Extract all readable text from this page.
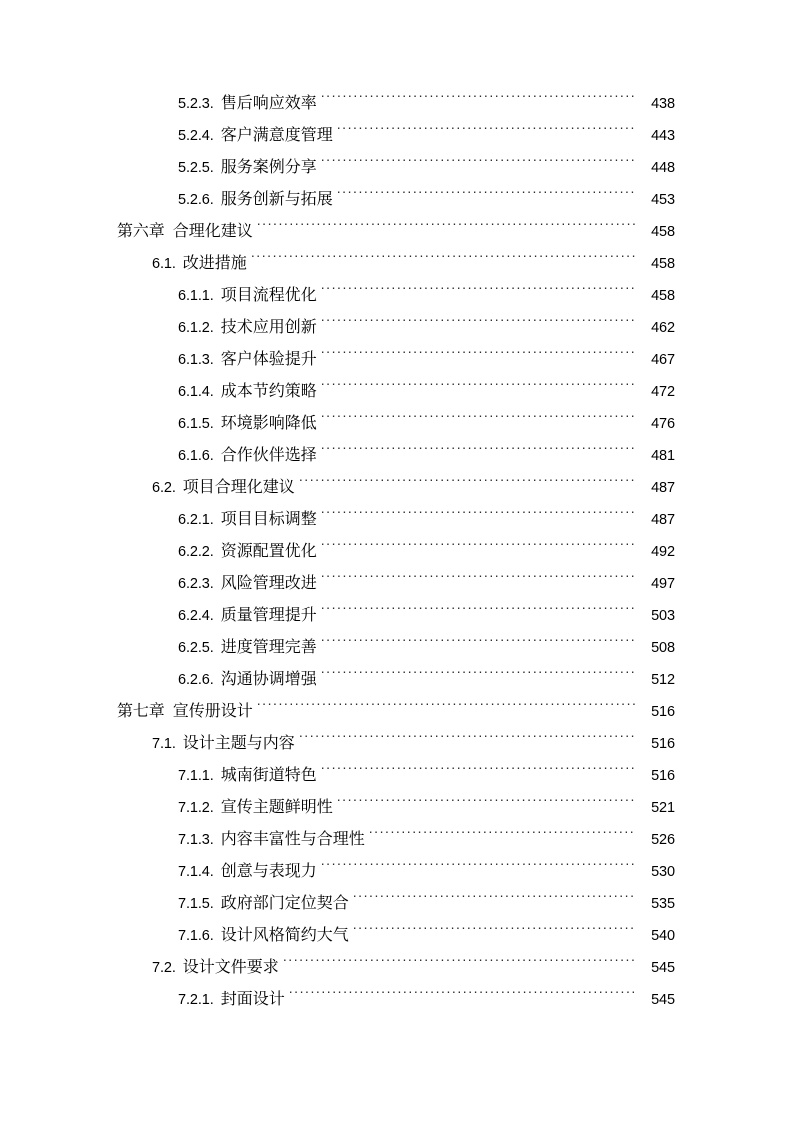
5.2.3. 售后响应效率 .....	438
5.2.4. 客户满意度管理 .....	443
5.2.5. 服务案例分享 .....	448
5.2.6. 服务创新与拓展 .....	453
第六章 合理化建议 .....	458
6.1. 改进措施 .....	458
6.1.1. 项目流程优化 .....	458
6.1.2. 技术应用创新 .....	462
6.1.3. 客户体验提升 .....	467
6.1.4. 成本节约策略 .....	472
6.1.5. 环境影响降低 .....	476
6.1.6. 合作伙伴选择 .....	481
6.2. 项目合理化建议 .....	487
6.2.1. 项目目标调整 .....	487
6.2.2. 资源配置优化 .....	492
6.2.3. 风险管理改进 .....	497
6.2.4. 质量管理提升 .....	503
6.2.5. 进度管理完善 .....	508
6.2.6. 沟通协调增强 .....	512
第七章 宣传册设计 .....	516
7.1. 设计主题与内容 .....	516
7.1.1. 城南街道特色 .....	516
7.1.2. 宣传主题鲜明性 .....	521
7.1.3. 内容丰富性与合理性 .....	526
7.1.4. 创意与表现力 .....	530
7.1.5. 政府部门定位契合 .....	535
7.1.6. 设计风格简约大气 .....	540
7.2. 设计文件要求 .....	545
7.2.1. 封面设计 .....	545
